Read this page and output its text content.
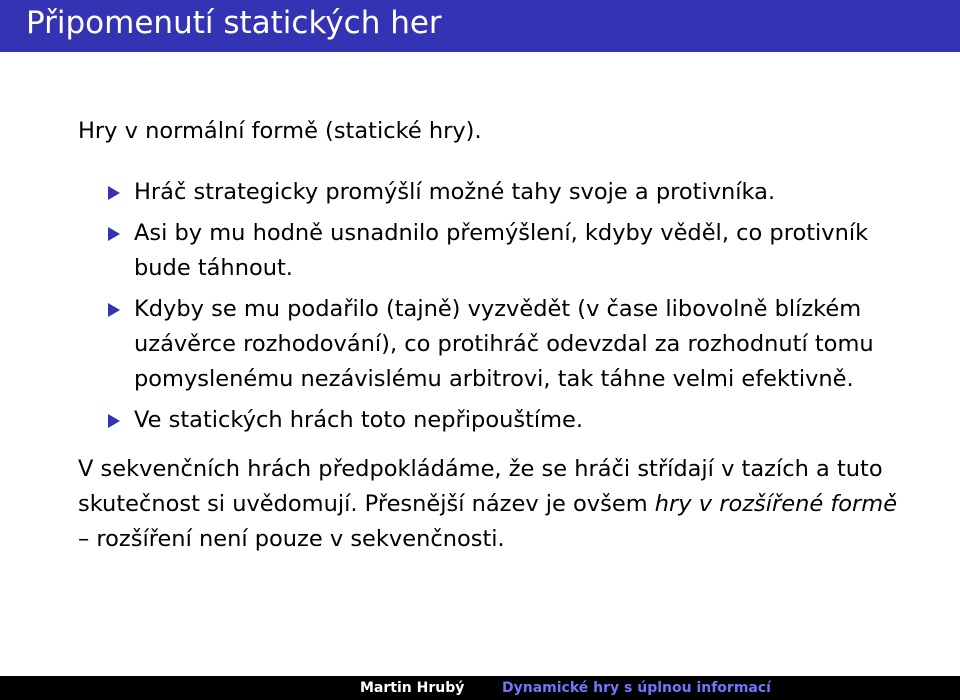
Připomenutí statických her

Hry v normální formě (statické hry).

Hráč strategicky promýšlí možné tahy svoje a protivníka.
Asi by mu hodně usnadnilo přemýšlení, kdyby věděl, co protivník bude táhnout.
Kdyby se mu podařilo (tajně) vyzvědět (v čase libovolně blízkém uzávěrce rozhodování), co protihráč odevzdal za rozhodnutí tomu pomyslenému nezávislému arbitrovi, tak táhne velmi efektivně.
Ve statických hrách toto nepřipouštíme.

V sekvenčních hrách předpokládáme, že se hráči střídají v tazích a tuto skutečnost si uvědomují. Přesnější název je ovšem hry v rozšířené formě – rozšíření není pouze v sekvenčnosti.

Martin Hrubý	Dynamické hry s úplnou informací
